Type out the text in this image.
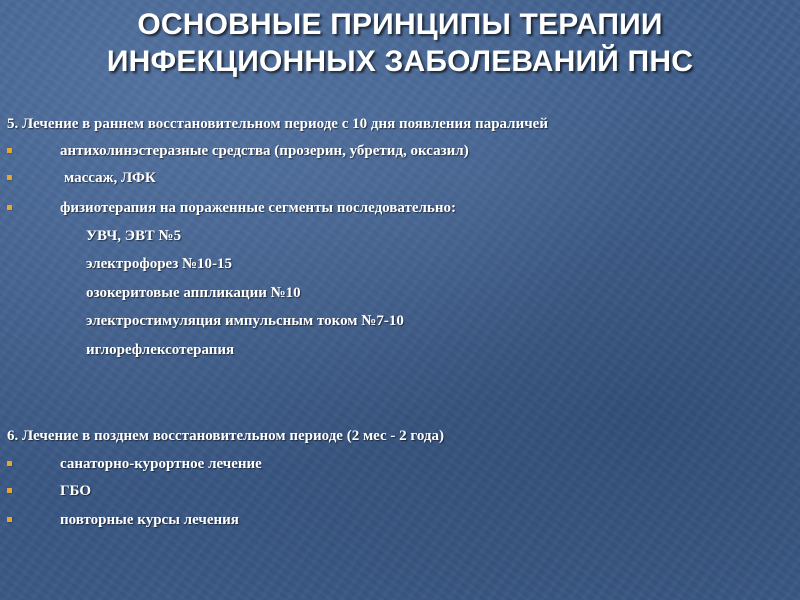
ОСНОВНЫЕ ПРИНЦИПЫ ТЕРАПИИ
ИНФЕКЦИОННЫХ ЗАБОЛЕВАНИЙ ПНС
5. Лечение в раннем восстановительном периоде с 10 дня появления параличей
антихолинэстеразные средства (прозерин, убретид, оксазил)
массаж, ЛФК
физиотерапия на пораженные сегменты последовательно:
УВЧ, ЭВТ №5
электрофорез №10-15
озокеритовые аппликации №10
электростимуляция импульсным током №7-10
иглорефлексотерапия
6. Лечение в позднем восстановительном периоде (2 мес - 2 года)
санаторно-курортное лечение
ГБО
повторные курсы лечения
